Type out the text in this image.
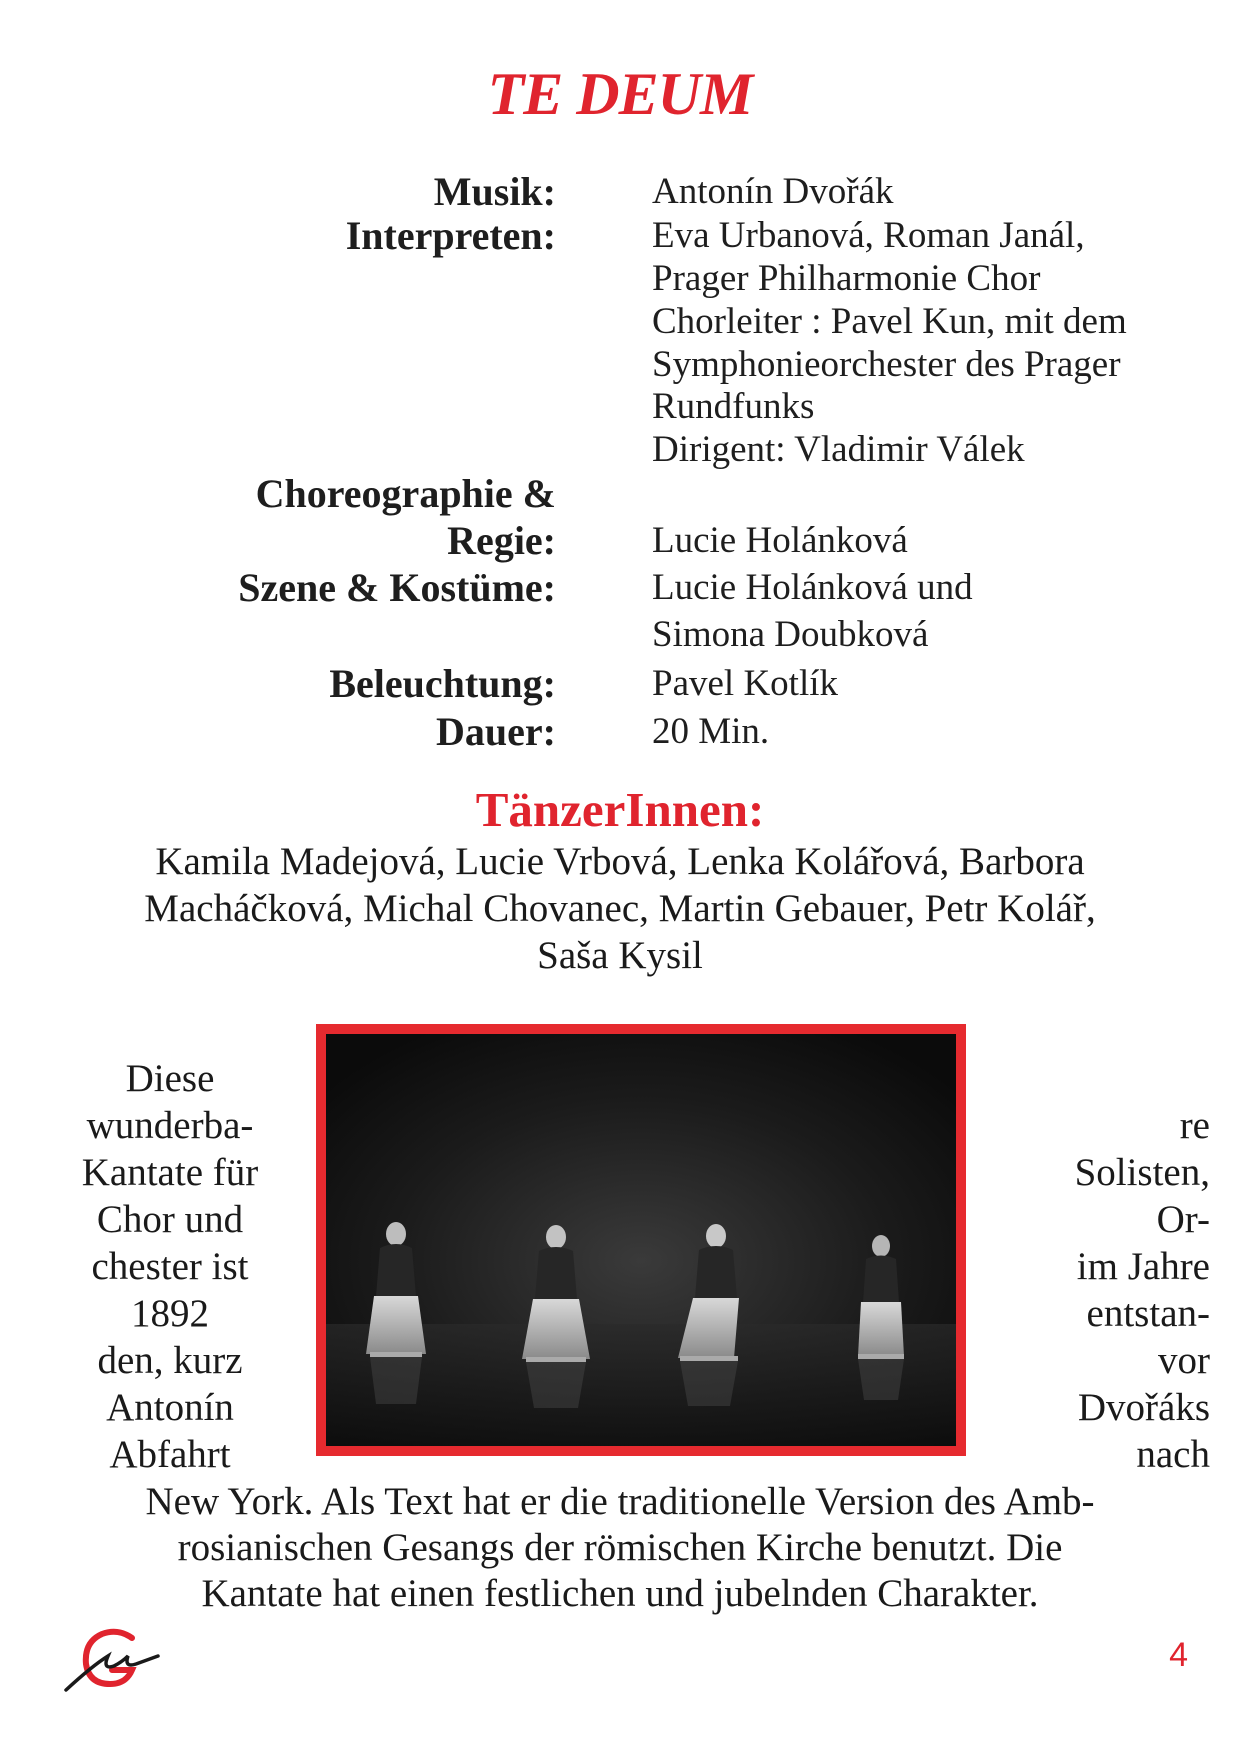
TE DEUM
Musik:	Antonín Dvořák
Interpreten:	Eva Urbanová, Roman Janál,
Prager Philharmonie Chor
Chorleiter : Pavel Kun, mit dem
Symphonieorchester des Prager
Rundfunks
Dirigent: Vladimir Válek
Choreographie &
Regie:	Lucie Holánková
Szene & Kostüme:	Lucie Holánková und
Simona Doubková
Beleuchtung:	Pavel Kotlík
Dauer:	20 Min.
TänzerInnen:
Kamila Madejová, Lucie Vrbová, Lenka Kolářová, Barbora
Macháčková, Michal Chovanec, Martin Gebauer, Petr Kolář,
Saša Kysil
Diese
wunderba-
Kantate für
Chor und
chester ist
1892
den, kurz
Antonín
Abfahrt
re
Solisten,
Or-
im Jahre
entstan-
vor
Dvořáks
nach
New York. Als Text hat er die traditionelle Version des Amb-
rosianischen Gesangs der römischen Kirche benutzt. Die
Kantate hat einen festlichen und jubelnden Charakter.
4
